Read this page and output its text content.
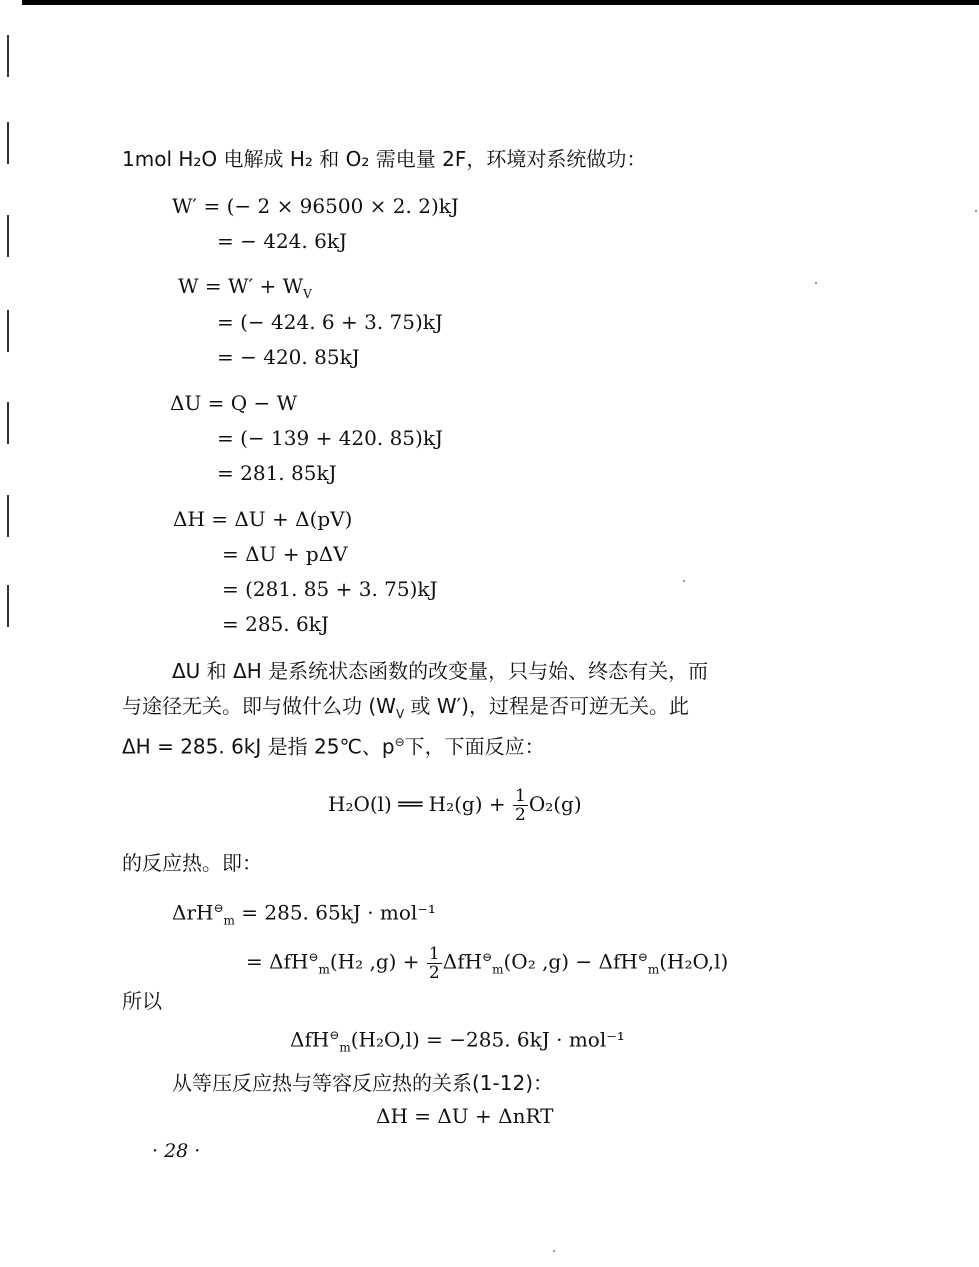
1mol H₂O 电解成 H₂ 和 O₂ 需电量 2F，环境对系统做功：
W′ = (− 2 × 96500 × 2. 2)kJ
= − 424. 6kJ
$W = W' + W_V$
= (− 424. 6 + 3. 75)kJ
= − 420. 85kJ
ΔU = Q − W
= (− 139 + 420. 85)kJ
= 281. 85kJ
ΔH = ΔU + Δ(pV)
= ΔU + pΔV
= (281. 85 + 3. 75)kJ
= 285. 6kJ
ΔU 和 ΔH 是系统状态函数的改变量，只与始、终态有关，而
与途径无关。即与做什么功 ($W_V$ 或 W′)，过程是否可逆无关。此
ΔH = 285. 6kJ 是指 25℃、p⊖下，下面反应：
H₂O(l) ══ $H_2(g) + \frac{1}{2} O_2(g)$
的反应热。即：
ΔrH⊖$_m$ = 285. 65kJ · mol⁻¹
= ΔfH⊖$_m$(H₂ $,g) + \frac{1}{2} \Delta fH^⊖_m(O_2$ ,g) − ΔfH⊖$_m$(H₂O,l)
所以
ΔfH⊖$_m$(H₂O,l) = −285. 6kJ · mol⁻¹
从等压反应热与等容反应热的关系(1-12)：
ΔH = ΔU + ΔnRT
· 28 ·
